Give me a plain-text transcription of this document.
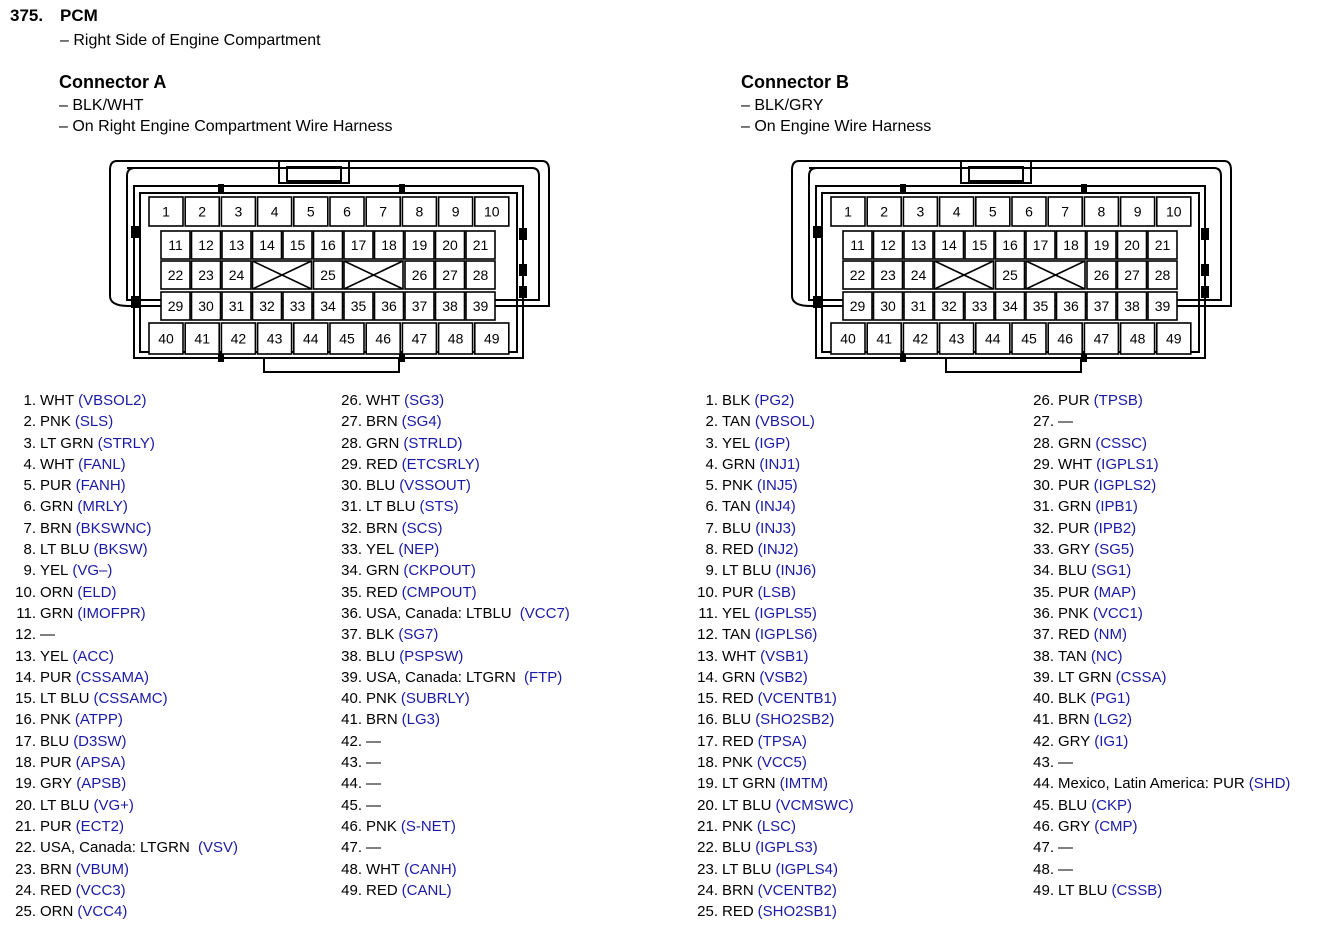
375. PCM
– Right Side of Engine Compartment
Connector A
– BLK/WHT
– On Right Engine Compartment Wire Harness
Connector B
– BLK/GRY
– On Engine Wire Harness
1 2 3 4 5 6 7 8 9 10
11 12 13 14 15 16 17 18 19 20 21
22 23 24	25	26 27 28
29 30 31 32 33 34 35 36 37 38 39
40 41 42 43 44 45 46 47 48 49
1 2 3 4 5 6 7 8 9 10
11 12 13 14 15 16 17 18 19 20 21
22 23 24	25	26 27 28
29 30 31 32 33 34 35 36 37 38 39
40 41 42 43 44 45 46 47 48 49
1. WHT (VBSOL2)
2. PNK (SLS)
3. LT GRN (STRLY)
4. WHT (FANL)
5. PUR (FANH)
6. GRN (MRLY)
7. BRN (BKSWNC)
8. LT BLU (BKSW)
9. YEL (VG–)
10. ORN (ELD)
11. GRN (IMOFPR)
12. —
13. YEL (ACC)
14. PUR (CSSAMA)
15. LT BLU (CSSAMC)
16. PNK (ATPP)
17. BLU (D3SW)
18. PUR (APSA)
19. GRY (APSB)
20. LT BLU (VG+)
21. PUR (ECT2)
22. USA, Canada: LTGRN (VSV)
23. BRN (VBUM)
24. RED (VCC3)
25. ORN (VCC4)
26. WHT (SG3)
27. BRN (SG4)
28. GRN (STRLD)
29. RED (ETCSRLY)
30. BLU (VSSOUT)
31. LT BLU (STS)
32. BRN (SCS)
33. YEL (NEP)
34. GRN (CKPOUT)
35. RED (CMPOUT)
36. USA, Canada: LTBLU (VCC7)
37. BLK (SG7)
38. BLU (PSPSW)
39. USA, Canada: LTGRN (FTP)
40. PNK (SUBRLY)
41. BRN (LG3)
42. —
43. —
44. —
45. —
46. PNK (S-NET)
47. —
48. WHT (CANH)
49. RED (CANL)
1. BLK (PG2)
2. TAN (VBSOL)
3. YEL (IGP)
4. GRN (INJ1)
5. PNK (INJ5)
6. TAN (INJ4)
7. BLU (INJ3)
8. RED (INJ2)
9. LT BLU (INJ6)
10. PUR (LSB)
11. YEL (IGPLS5)
12. TAN (IGPLS6)
13. WHT (VSB1)
14. GRN (VSB2)
15. RED (VCENTB1)
16. BLU (SHO2SB2)
17. RED (TPSA)
18. PNK (VCC5)
19. LT GRN (IMTM)
20. LT BLU (VCMSWC)
21. PNK (LSC)
22. BLU (IGPLS3)
23. LT BLU (IGPLS4)
24. BRN (VCENTB2)
25. RED (SHO2SB1)
26. PUR (TPSB)
27. —
28. GRN (CSSC)
29. WHT (IGPLS1)
30. PUR (IGPLS2)
31. GRN (IPB1)
32. PUR (IPB2)
33. GRY (SG5)
34. BLU (SG1)
35. PUR (MAP)
36. PNK (VCC1)
37. RED (NM)
38. TAN (NC)
39. LT GRN (CSSA)
40. BLK (PG1)
41. BRN (LG2)
42. GRY (IG1)
43. —
44. Mexico, Latin America: PUR (SHD)
45. BLU (CKP)
46. GRY (CMP)
47. —
48. —
49. LT BLU (CSSB)
